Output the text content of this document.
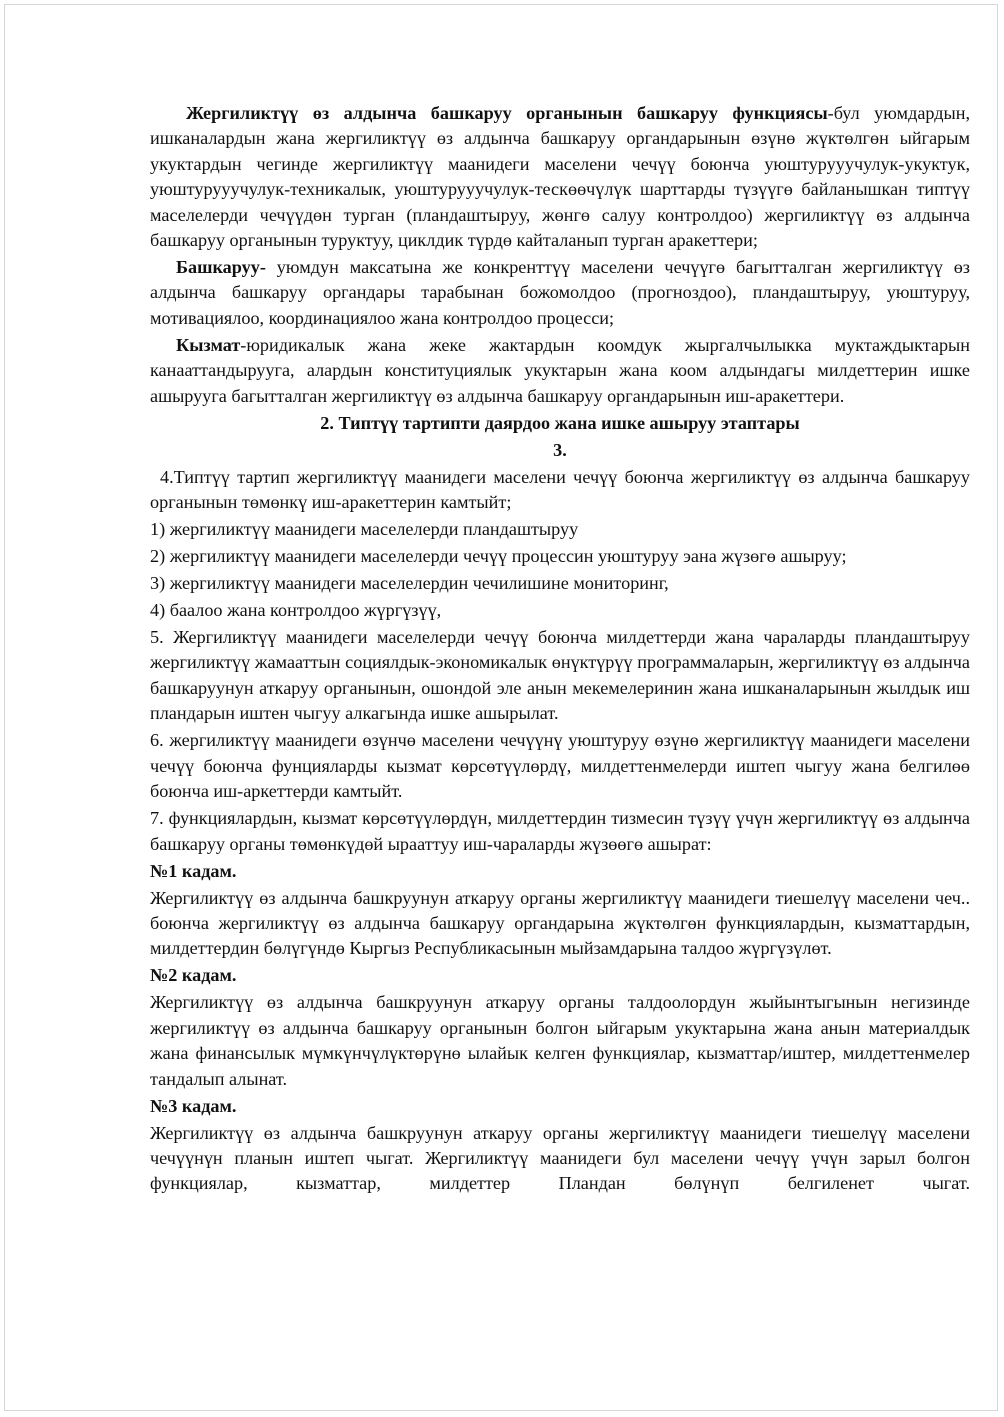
Жергиликтүү өз алдынча башкаруу органынын башкаруу функциясы-бул уюмдардын, ишканалардын жана жергиликтүү өз алдынча башкаруу органдарынын өзүнө жүктөлгөн ыйгарым укуктардын чегинде жергиликтүү маанидеги маселени чечүү боюнча уюштурууучулук-укуктук, уюштурууучулук-техникалык, уюштурууучулук-тескөөчүлүк шарттарды түзүүгө байланышкан типтүү маселелерди чечүүдөн турган (пландаштыруу, жөнгө салуу контролдоо) жергиликтүү өз алдынча башкаруу органынын туруктуу, циклдик түрдө кайталанып турган аракеттери;

Башкаруу- уюмдун максатына же конкренттүү маселени чечүүгө багытталган жергиликтүү өз алдынча башкаруу органдары тарабынан божомолдоо (прогноздоо), пландаштыруу, уюштуруу, мотивациялоо, координациялоо жана контролдоо процесси;

Кызмат-юридикалык жана жеке жактардын коомдук жыргалчылыкка муктаждыктарын канааттандырууга, алардын конституциялык укуктарын жана коом алдындагы милдеттерин ишке ашырууга багытталган жергиликтүү өз алдынча башкаруу органдарынын иш-аракеттери.

2. Типтүү тартипти даярдоо жана ишке ашыруу этаптары

3.

4.Типтүү тартип жергиликтүү маанидеги маселени чечүү боюнча жергиликтүү өз алдынча башкаруу органынын төмөнкү иш-аракеттерин камтыйт;

1) жергиликтүү маанидеги маселелерди пландаштыруу

2) жергиликтүү маанидеги маселелерди чечүү процессин уюштуруу эана жүзөгө ашыруу;

3) жергиликтүү маанидеги маселелердин чечилишине мониторинг,

4) баалоо жана контролдоо жүргүзүү,

5. Жергиликтүү маанидеги маселелерди чечүү боюнча милдеттерди жана чараларды пландаштыруу жергиликтүү жамааттын социялдык-экономикалык өнүктүрүү программаларын, жергиликтүү өз алдынча башкаруунун аткаруу органынын, ошондой эле анын мекемелеринин жана ишканаларынын жылдык иш пландарын иштен чыгуу алкагында ишке ашырылат.

6. жергиликтүү маанидеги өзүнчө маселени чечүүнү уюштуруу өзүнө жергиликтүү маанидеги маселени чечүү боюнча фунцияларды кызмат көрсөтүүлөрдү, милдеттенмелерди иштеп чыгуу жана белгилөө боюнча иш-аркеттерди камтыйт.

7. функциялардын, кызмат көрсөтүүлөрдүн, милдеттердин тизмесин түзүү үчүн жергиликтүү өз алдынча башкаруу органы төмөнкүдөй ырааттуу иш-чараларды жүзөөгө ашырат:

№1 кадам.

Жергиликтүү өз алдынча башкруунун аткаруу органы жергиликтүү маанидеги тиешелүү маселени чеч.. боюнча жергиликтүү өз алдынча башкаруу органдарына жүктөлгөн функциялардын, кызматтардын, милдеттердин бөлүгүндө Кыргыз Республикасынын мыйзамдарына талдоо жүргүзүлөт.

№2 кадам.

Жергиликтүү өз алдынча башкруунун аткаруу органы талдоолордун жыйынтыгынын негизинде жергиликтүү өз алдынча башкаруу органынын болгон ыйгарым укуктарына жана анын материалдык жана финансылык мүмкүнчүлүктөрүнө ылайык келген функциялар, кызматтар/иштер, милдеттенмелер тандалып алынат.

№3 кадам.

Жергиликтүү өз алдынча башкруунун аткаруу органы жергиликтүү маанидеги тиешелүү маселени чечүүнүн планын иштеп чыгат. Жергиликтүү маанидеги бул маселени чечүү үчүн зарыл болгон функциялар, кызматтар, милдеттер Пландан бөлүнүп белгиленет чыгат.
